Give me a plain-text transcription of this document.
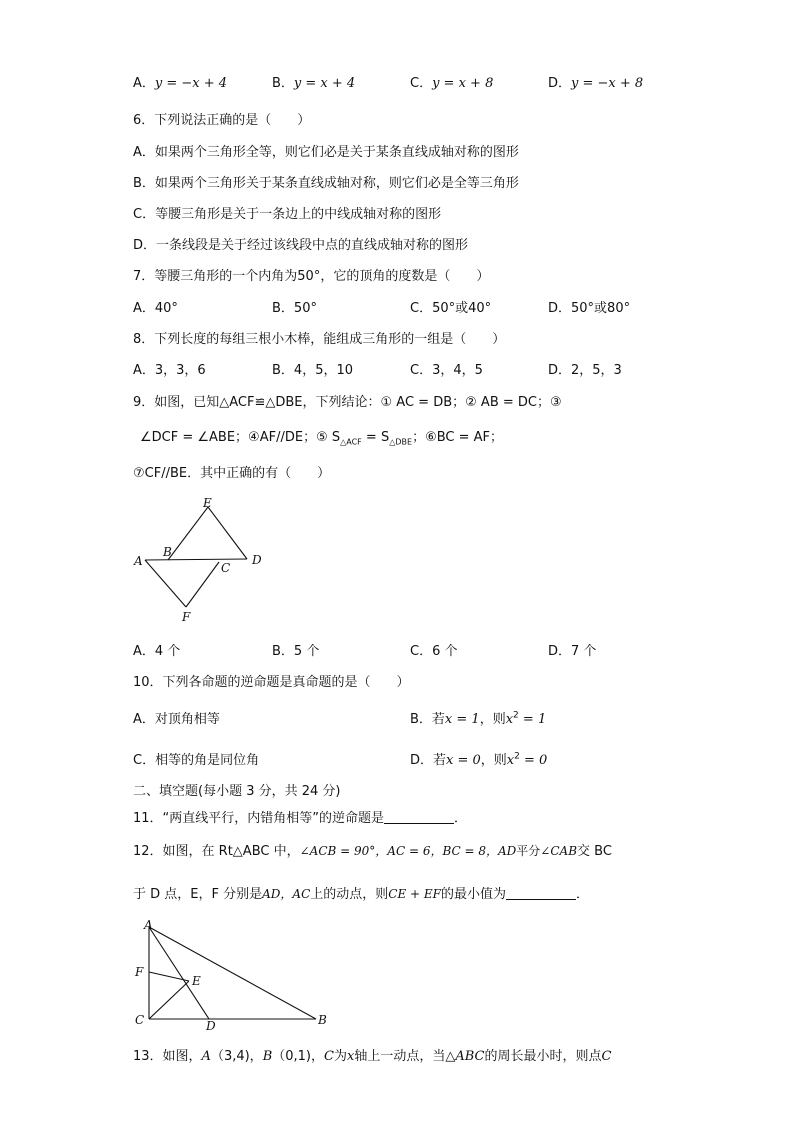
A．y = −x + 4	B．y = x + 4	C．y = x + 8	D．y = −x + 8
6．下列说法正确的是（　　）
A．如果两个三角形全等，则它们必是关于某条直线成轴对称的图形
B．如果两个三角形关于某条直线成轴对称，则它们必是全等三角形
C．等腰三角形是关于一条边上的中线成轴对称的图形
D．一条线段是关于经过该线段中点的直线成轴对称的图形
7．等腰三角形的一个内角为50°，它的顶角的度数是（　　）
A．40°	B．50°	C．50°或40°	D．50°或80°
8．下列长度的每组三根小木棒，能组成三角形的一组是（　　）
A．3，3，6	B．4，5，10	C．3，4，5	D．2，5，3
9．如图，已知△ACF≌△DBE，下列结论：① AC = DB；② AB = DC；③
∠DCF = ∠ABE；④AF//DE；⑤ $S_{\triangle ACF} = S_{\triangle DBE}$；⑥BC = AF；
⑦CF//BE．其中正确的有（　　）
E
A
B
C
D
F
A．4 个	B．5 个	C．6 个	D．7 个
10．下列各命题的逆命题是真命题的是（　　）
A．对顶角相等	B．若x = 1，则$x^2 = 1$
C．相等的角是同位角	D．若x = 0，则$x^2 = 0$
二、填空题(每小题 3 分，共 24 分)
11．“两直线平行，内错角相等”的逆命题是	．
12．如图，在 Rt△ABC 中，∠ACB = 90°，AC = 6，BC = 8，AD平分∠CAB交 BC
于 D 点，E，F 分别是AD，AC上的动点，则CE + EF的最小值为	．
A
F
E
C	D	B
13．如图，A（3,4)，B（0,1)，C为x轴上一动点，当△ABC的周长最小时，则点C
